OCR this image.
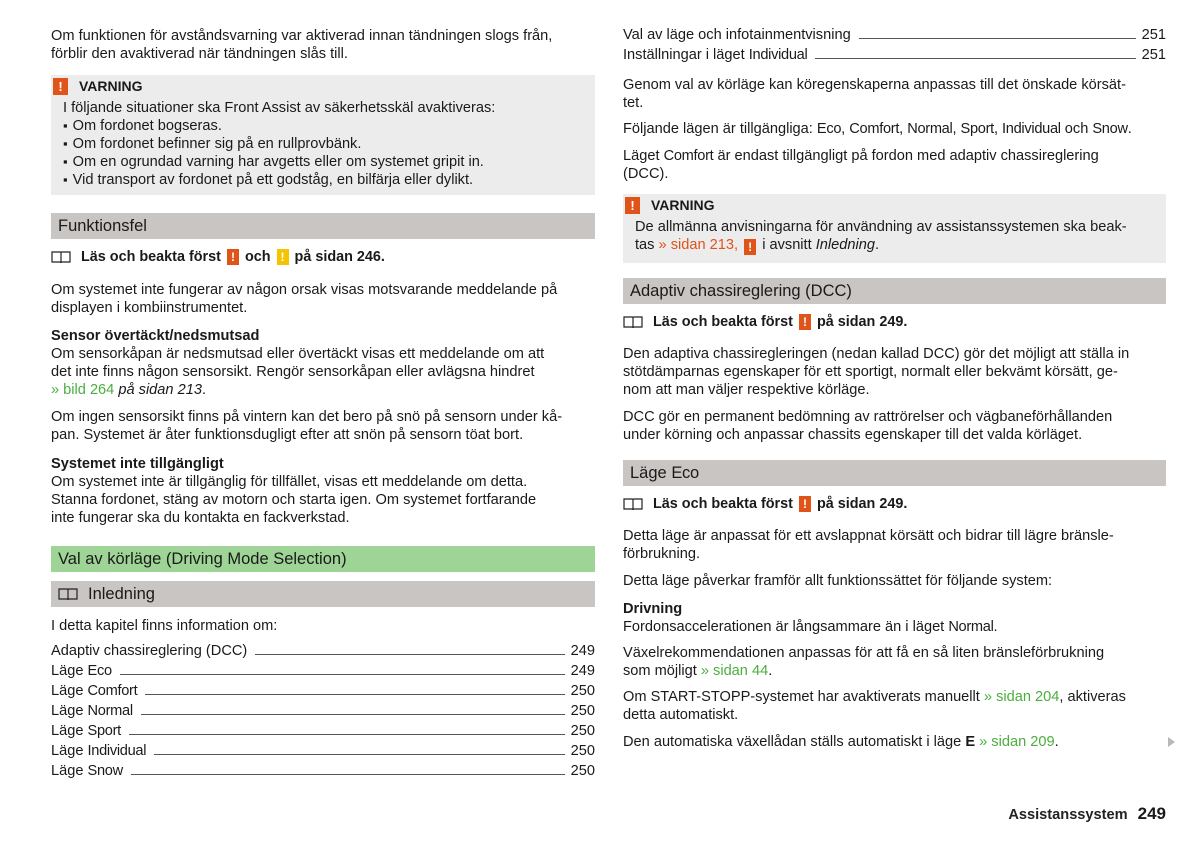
Om funktionen för avståndsvarning var aktiverad innan tändningen slogs från,

förblir den avaktiverad när tändningen slås till.

!	VARNING

I följande situationer ska Front Assist av säkerhetsskäl avaktiveras:

▪ Om fordonet bogseras.
▪ Om fordonet befinner sig på en rullprovbänk.
▪ Om en ogrundad varning har avgetts eller om systemet gripit in.
▪ Vid transport av fordonet på ett godståg, en bilfärja eller dylikt.
Funktionsfel
Läs och beakta först
!
och
!
på sidan 246.

Om systemet inte fungerar av någon orsak visas motsvarande meddelande på

displayen i kombiinstrumentet.

Sensor övertäckt/nedsmutsad

Om sensorkåpan är nedsmutsad eller övertäckt visas ett meddelande om att

det inte finns någon sensorsikt. Rengör sensorkåpan eller avlägsna hindret

» bild 264 på sidan 213.

Om ingen sensorsikt finns på vintern kan det bero på snö på sensorn under kå-

pan. Systemet är åter funktionsdugligt efter att snön på sensorn töat bort.

Systemet inte tillgängligt

Om systemet inte är tillgänglig för tillfället, visas ett meddelande om detta.

Stanna fordonet, stäng av motorn och starta igen. Om systemet fortfarande

inte fungerar ska du kontakta en fackverkstad.

Val av körläge (Driving Mode Selection)
Inledning

I detta kapitel finns information om:

Adaptiv chassireglering (DCC)	249
Läge Eco	249
Läge Comfort	250
Läge Normal	250
Läge Sport	250
Läge Individual	250
Läge Snow	250
Val av läge och infotainmentvisning	251
Inställningar i läget Individual	251

Genom val av körläge kan köregenskaperna anpassas till det önskade körsät-

tet.

Följande lägen är tillgängliga: Eco, Comfort, Normal, Sport, Individual och Snow.

Läget Comfort är endast tillgängligt på fordon med adaptiv chassireglering

(DCC).

!	VARNING

De allmänna anvisningarna för användning av assistanssystemen ska beak-

tas » sidan 213, ! i avsnitt Inledning.

Adaptiv chassireglering (DCC)
Läs och beakta först
!
på sidan 249.

Den adaptiva chassiregleringen (nedan kallad DCC) gör det möjligt att ställa in

stötdämparnas egenskaper för ett sportigt, normalt eller bekvämt körsätt, ge-

nom att man väljer respektive körläge.

DCC gör en permanent bedömning av rattrörelser och vägbaneförhållanden

under körning och anpassar chassits egenskaper till det valda körläget.

Läge Eco
Läs och beakta först
!
på sidan 249.

Detta läge är anpassat för ett avslappnat körsätt och bidrar till lägre bränsle-

förbrukning.

Detta läge påverkar framför allt funktionssättet för följande system:

Drivning

Fordonsaccelerationen är långsammare än i läget Normal.

Växelrekommendationen anpassas för att få en så liten bränsleförbrukning

som möjligt » sidan 44.

Om START-STOPP-systemet har avaktiverats manuellt » sidan 204, aktiveras

detta automatiskt.

Den automatiska växellådan ställs automatiskt i läge E » sidan 209.

Assistanssystem 249
